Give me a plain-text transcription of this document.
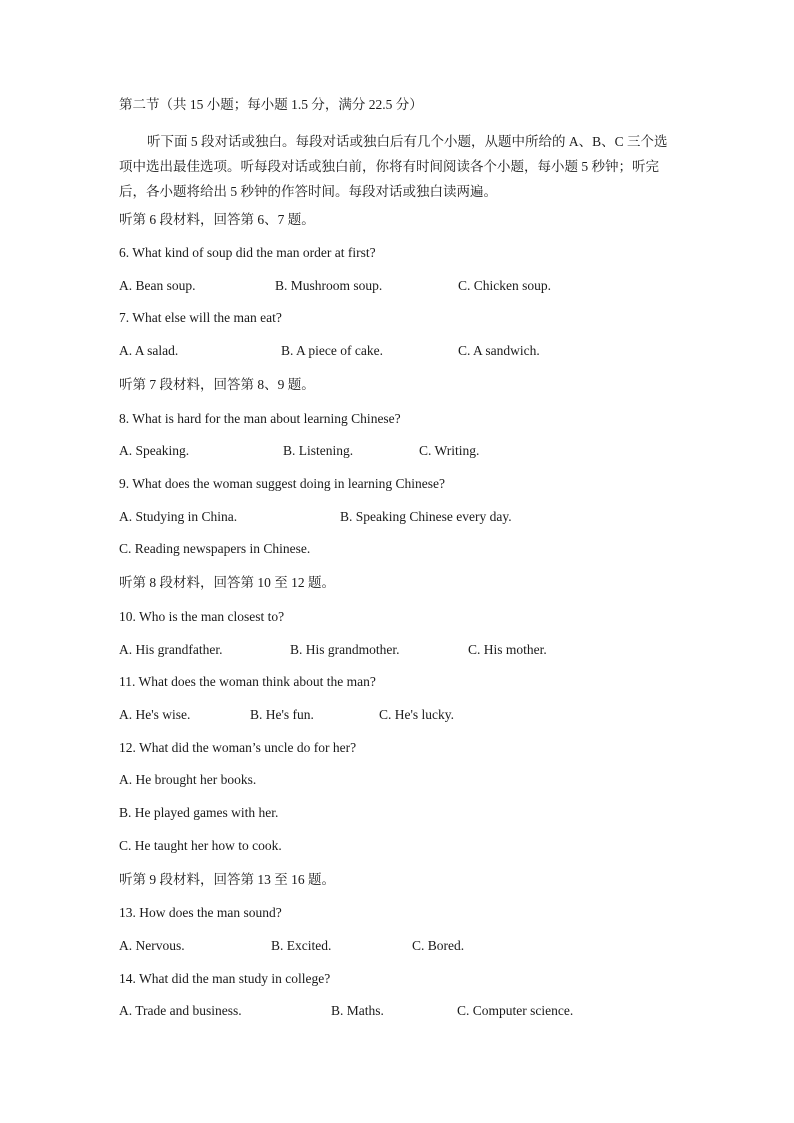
第二节（共 15 小题；每小题 1.5 分，满分 22.5 分）
听下面 5 段对话或独白。每段对话或独白后有几个小题，从题中所给的 A、B、C 三个选项中选出最佳选项。听每段对话或独白前，你将有时间阅读各个小题，每小题 5 秒钟；听完后，各小题将给出 5 秒钟的作答时间。每段对话或独白读两遍。
听第 6 段材料，回答第 6、7 题。
6. What kind of soup did the man order at first?
A. Bean soup.	B. Mushroom soup.	C. Chicken soup.
7. What else will the man eat?
A. A salad.	B. A piece of cake.	C. A sandwich.
听第 7 段材料，回答第 8、9 题。
8. What is hard for the man about learning Chinese?
A. Speaking.	B. Listening.	C. Writing.
9. What does the woman suggest doing in learning Chinese?
A. Studying in China.	B. Speaking Chinese every day.
C. Reading newspapers in Chinese.
听第 8 段材料，回答第 10 至 12 题。
10. Who is the man closest to?
A. His grandfather.	B. His grandmother.	C. His mother.
11. What does the woman think about the man?
A. He's wise.	B. He's fun.	C. He's lucky.
12. What did the woman’s uncle do for her?
A. He brought her books.
B. He played games with her.
C. He taught her how to cook.
听第 9 段材料，回答第 13 至 16 题。
13. How does the man sound?
A. Nervous.	B. Excited.	C. Bored.
14. What did the man study in college?
A. Trade and business.	B. Maths.	C. Computer science.
